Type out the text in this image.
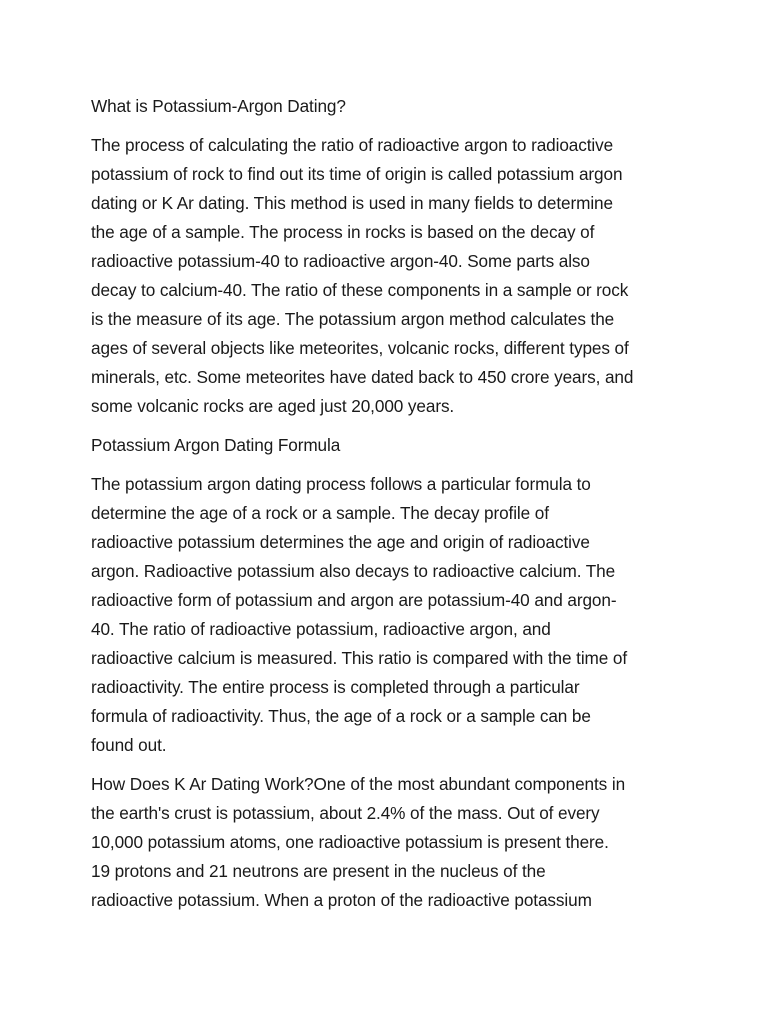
What is Potassium-Argon Dating?
The process of calculating the ratio of radioactive argon to radioactive
potassium of rock to find out its time of origin is called potassium argon
dating or K Ar dating. This method is used in many fields to determine
the age of a sample. The process in rocks is based on the decay of
radioactive potassium-40 to radioactive argon-40. Some parts also
decay to calcium-40. The ratio of these components in a sample or rock
is the measure of its age. The potassium argon method calculates the
ages of several objects like meteorites, volcanic rocks, different types of
minerals, etc. Some meteorites have dated back to 450 crore years, and
some volcanic rocks are aged just 20,000 years.
Potassium Argon Dating Formula
The potassium argon dating process follows a particular formula to
determine the age of a rock or a sample. The decay profile of
radioactive potassium determines the age and origin of radioactive
argon. Radioactive potassium also decays to radioactive calcium. The
radioactive form of potassium and argon are potassium-40 and argon-
40. The ratio of radioactive potassium, radioactive argon, and
radioactive calcium is measured. This ratio is compared with the time of
radioactivity. The entire process is completed through a particular
formula of radioactivity. Thus, the age of a rock or a sample can be
found out.
How Does K Ar Dating Work?One of the most abundant components in
the earth's crust is potassium, about 2.4% of the mass. Out of every
10,000 potassium atoms, one radioactive potassium is present there.
19 protons and 21 neutrons are present in the nucleus of the
radioactive potassium. When a proton of the radioactive potassium
